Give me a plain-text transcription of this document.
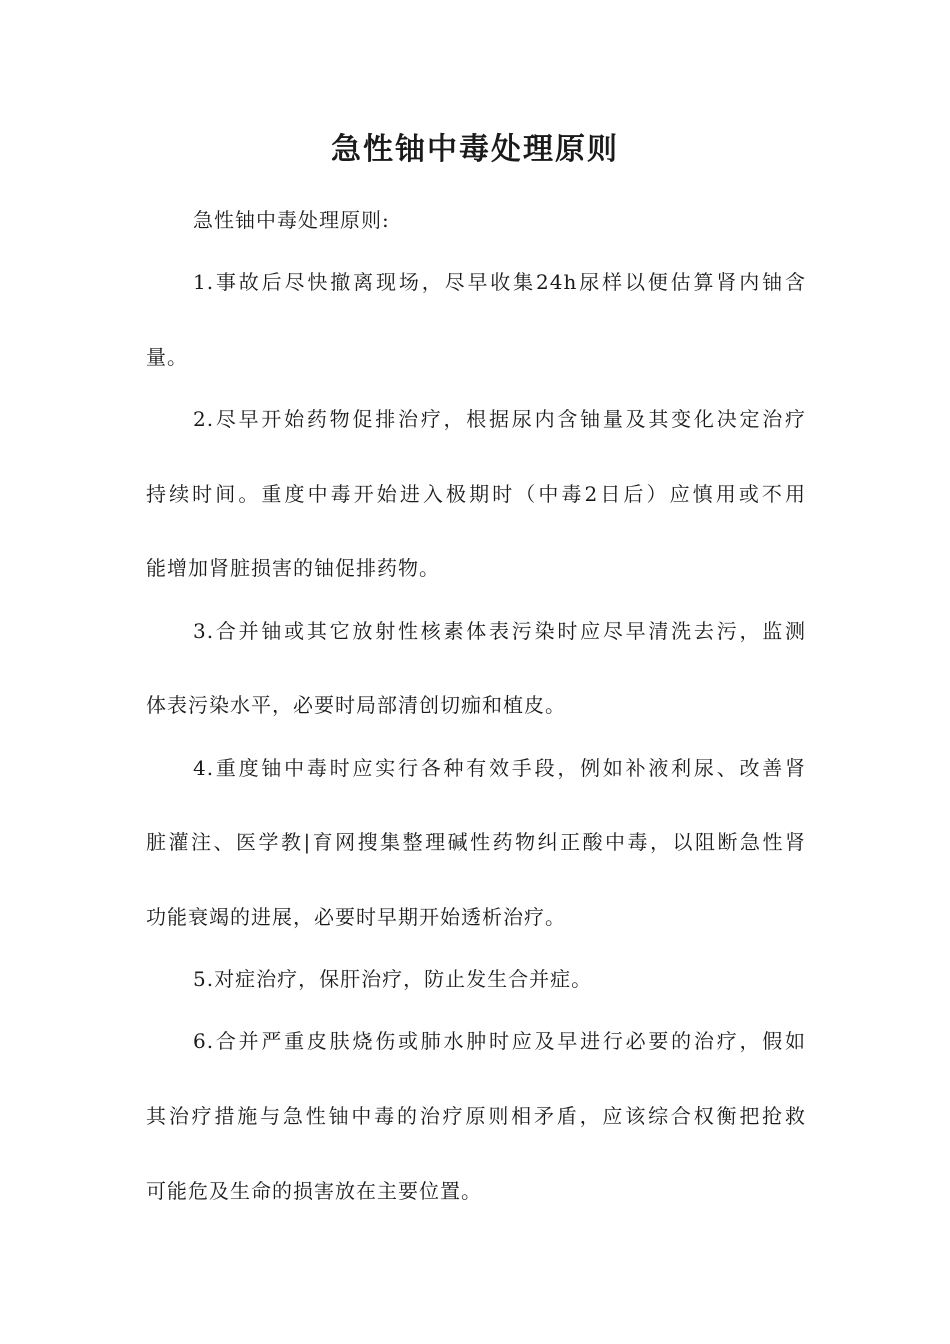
急性铀中毒处理原则
急性铀中毒处理原则:
1.事故后尽快撤离现场，尽早收集24h尿样以便估算肾内铀含
量。
2.尽早开始药物促排治疗，根据尿内含铀量及其变化决定治疗
持续时间。重度中毒开始进入极期时（中毒2日后）应慎用或不用
能增加肾脏损害的铀促排药物。
3.合并铀或其它放射性核素体表污染时应尽早清洗去污，监测
体表污染水平，必要时局部清创切痂和植皮。
4.重度铀中毒时应实行各种有效手段，例如补液利尿、改善肾
脏灌注、医学教|育网搜集整理碱性药物纠正酸中毒，以阻断急性肾
功能衰竭的进展，必要时早期开始透析治疗。
5.对症治疗，保肝治疗，防止发生合并症。
6.合并严重皮肤烧伤或肺水肿时应及早进行必要的治疗，假如
其治疗措施与急性铀中毒的治疗原则相矛盾，应该综合权衡把抢救
可能危及生命的损害放在主要位置。
